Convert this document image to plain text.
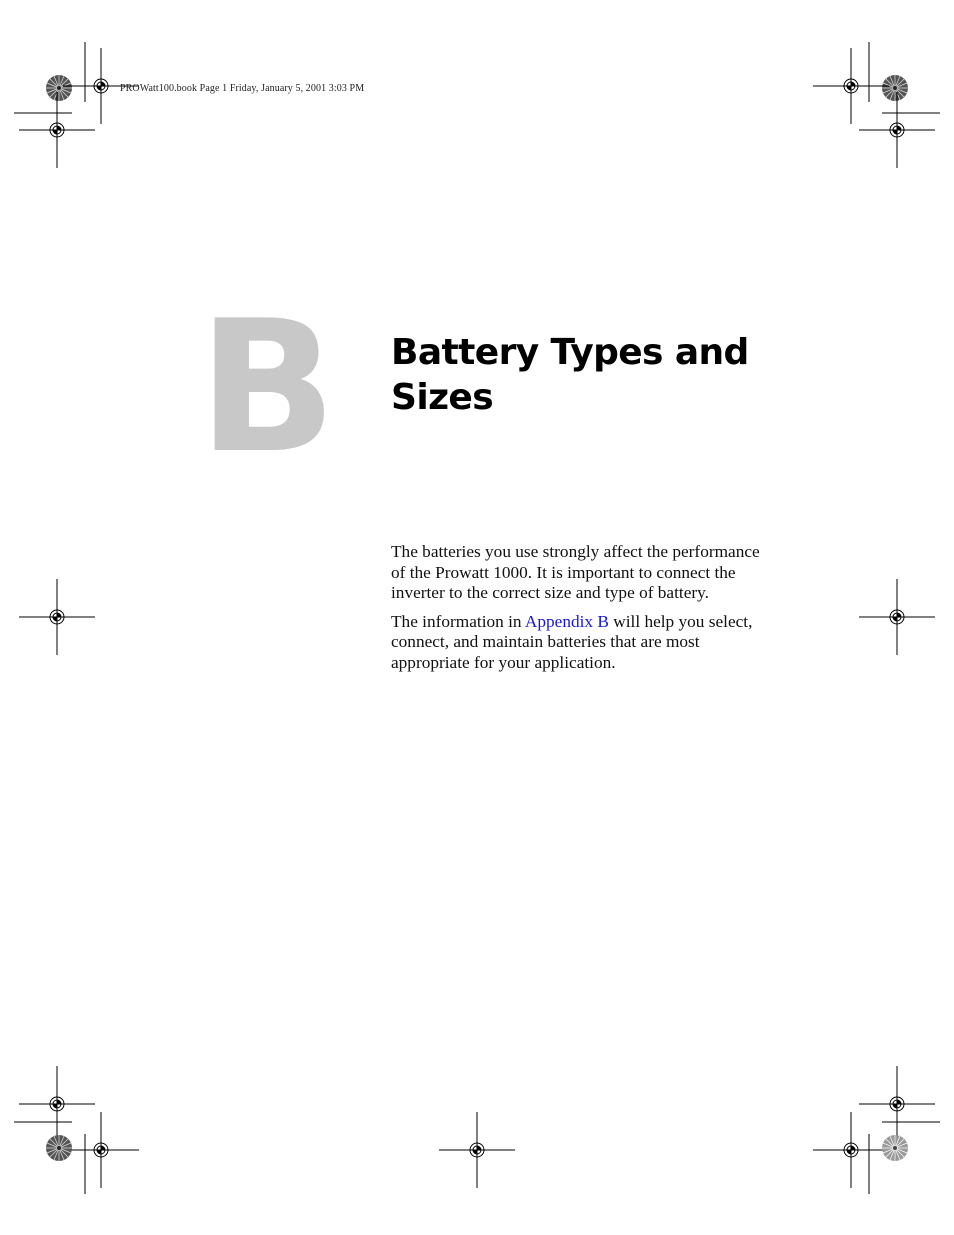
PROWatt100.book Page 1 Friday, January 5, 2001 3:03 PM
B Battery Types and
Sizes

The batteries you use strongly affect the performance of the Prowatt 1000. It is important to connect the inverter to the correct size and type of battery.

The information in Appendix B will help you select, connect, and maintain batteries that are most appropriate for your application.
